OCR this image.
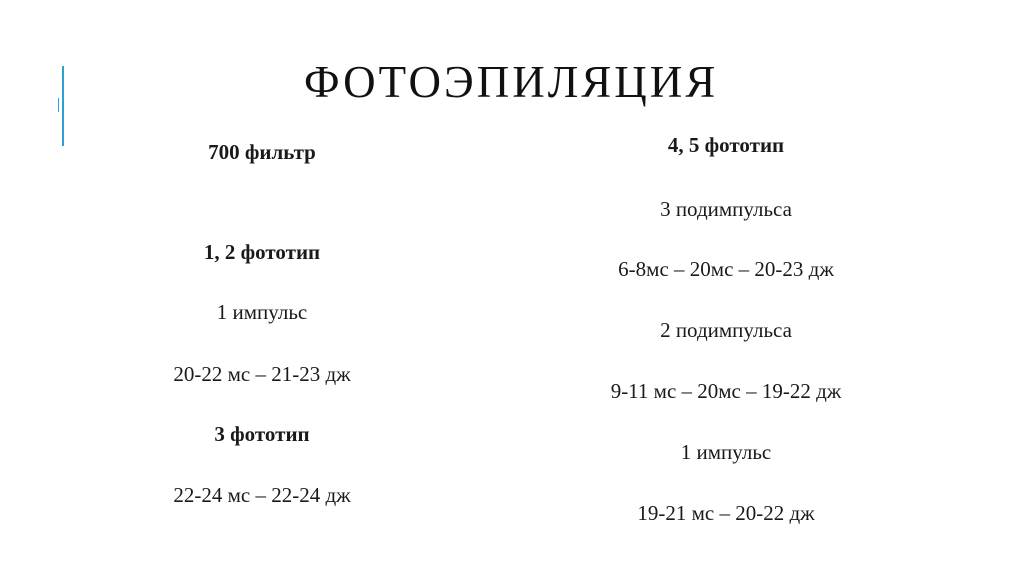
ФОТОЭПИЛЯЦИЯ
700 фильтр
1, 2 фототип
1 импульс
20-22 мс – 21-23 дж
3 фототип
22-24 мс – 22-24 дж
4, 5 фототип
3 подимпульса
6-8мс – 20мс – 20-23 дж
2 подимпульса
9-11 мс – 20мс – 19-22 дж
1 импульс
19-21 мс – 20-22 дж
